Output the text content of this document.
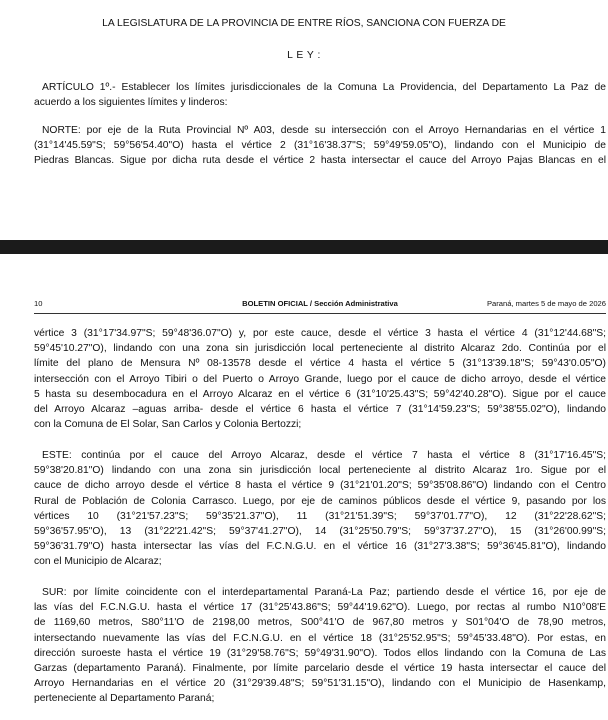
LA LEGISLATURA DE LA PROVINCIA DE ENTRE RÍOS, SANCIONA CON FUERZA DE

L E Y :

ARTÍCULO 1º.- Establecer los límites jurisdiccionales de la Comuna La Providencia, del Departamento La Paz de
acuerdo a los siguientes límites y linderos:

NORTE: por eje de la Ruta Provincial Nº A03, desde su intersección con el Arroyo Hernandarias en el vértice 1
(31°14'45.59"S; 59°56'54.40"O) hasta el vértice 2 (31°16'38.37"S; 59°49'59.05"O), lindando con el Municipio de
Piedras Blancas. Sigue por dicha ruta desde el vértice 2 hasta intersectar el cauce del Arroyo Pajas Blancas en el

10	BOLETIN OFICIAL / Sección Administrativa	Paraná, martes 5 de mayo de 2026

vértice 3 (31°17'34.97"S; 59°48'36.07"O) y, por este cauce, desde el vértice 3 hasta el vértice 4 (31°12'44.68"S;
59°45'10.27"O), lindando con una zona sin jurisdicción local perteneciente al distrito Alcaraz 2do. Continúa por el
límite del plano de Mensura Nº 08-13578 desde el vértice 4 hasta el vértice 5 (31°13'39.18"S; 59°43'0.05"O)
intersección con el Arroyo Tibiri o del Puerto o Arroyo Grande, luego por el cauce de dicho arroyo, desde el vértice
5 hasta su desembocadura en el Arroyo Alcaraz en el vértice 6 (31°10'25.43"S; 59°42'40.28"O). Sigue por el cauce
del Arroyo Alcaraz –aguas arriba- desde el vértice 6 hasta el vértice 7 (31°14'59.23"S; 59°38'55.02"O), lindando
con la Comuna de El Solar, San Carlos y Colonia Bertozzi;

ESTE: continúa por el cauce del Arroyo Alcaraz, desde el vértice 7 hasta el vértice 8 (31°17'16.45"S;
59°38'20.81"O) lindando con una zona sin jurisdicción local perteneciente al distrito Alcaraz 1ro. Sigue por el
cauce de dicho arroyo desde el vértice 8 hasta el vértice 9 (31°21'01.20"S; 59°35'08.86"O) lindando con el Centro
Rural de Población de Colonia Carrasco. Luego, por eje de caminos públicos desde el vértice 9, pasando por los
vértices 10 (31°21'57.23"S; 59°35'21.37"O), 11 (31°21'51.39"S; 59°37'01.77"O), 12 (31°22'28.62"S;
59°36'57.95"O), 13 (31°22'21.42"S; 59°37'41.27"O), 14 (31°25'50.79"S; 59°37'37.27"O), 15 (31°26'00.99"S;
59°36'31.79"O) hasta intersectar las vías del F.C.N.G.U. en el vértice 16 (31°27'3.38"S; 59°36'45.81"O), lindando
con el Municipio de Alcaraz;

SUR: por límite coincidente con el interdepartamental Paraná-La Paz; partiendo desde el vértice 16, por eje de
las vías del F.C.N.G.U. hasta el vértice 17 (31°25'43.86"S; 59°44'19.62"O). Luego, por rectas al rumbo N10°08'E
de 1169,60 metros, S80°11'O de 2198,00 metros, S00°41'O de 967,80 metros y S01°04'O de 78,90 metros,
intersectando nuevamente las vías del F.C.N.G.U. en el vértice 18 (31°25'52.95"S; 59°45'33.48"O). Por estas, en
dirección suroeste hasta el vértice 19 (31°29'58.76"S; 59°49'31.90"O). Todos ellos lindando con la Comuna de Las
Garzas (departamento Paraná). Finalmente, por límite parcelario desde el vértice 19 hasta intersectar el cauce del
Arroyo Hernandarias en el vértice 20 (31°29'39.48"S; 59°51'31.15"O), lindando con el Municipio de Hasenkamp,
perteneciente al Departamento Paraná;
